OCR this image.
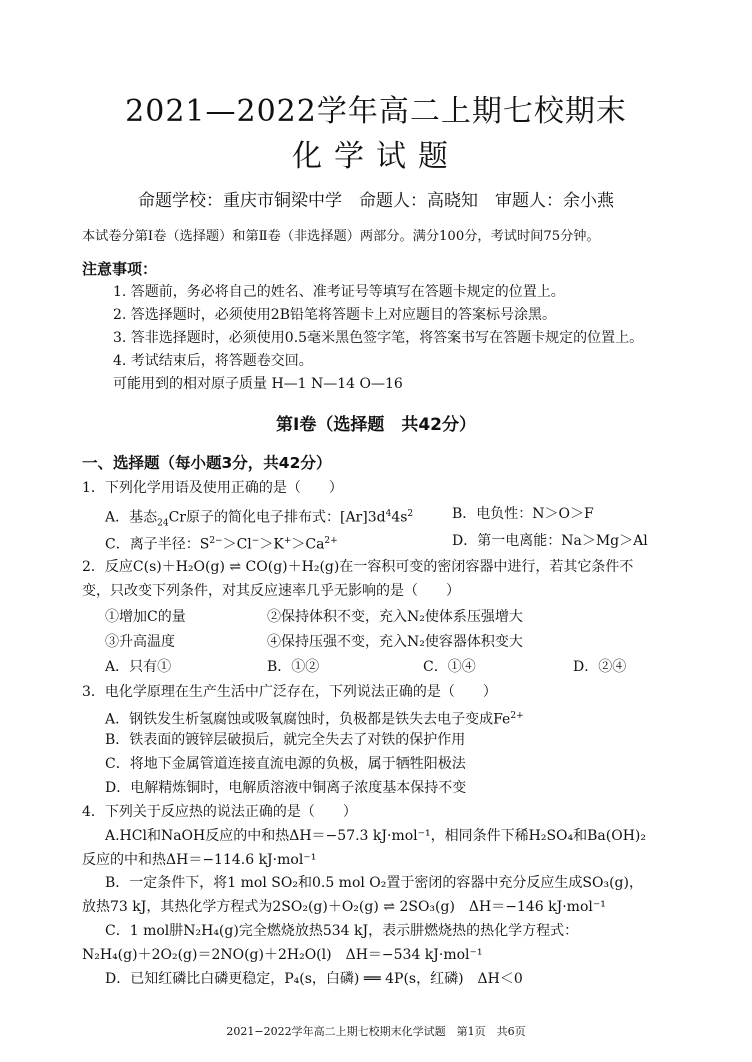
2021—2022学年高二上期七校期末
化学试题
命题学校：重庆市铜梁中学　命题人：高晓知　审题人：余小燕
本试卷分第Ⅰ卷（选择题）和第Ⅱ卷（非选择题）两部分。满分100分，考试时间75分钟。
注意事项：
1. 答题前，务必将自己的姓名、准考证号等填写在答题卡规定的位置上。
2. 答选择题时，必须使用2B铅笔将答题卡上对应题目的答案标号涂黑。
3. 答非选择题时，必须使用0.5毫米黑色签字笔，将答案书写在答题卡规定的位置上。
4. 考试结束后，将答题卷交回。
可能用到的相对原子质量 H—1 N—14 O—16
第Ⅰ卷（选择题　共42分）
一、选择题（每小题3分，共42分）
1．下列化学用语及使用正确的是（　　）
A．基态$_{24}$Cr原子的简化电子排布式：$[Ar]3d^44s^2$	B．电负性：N＞O＞F
C．离子半径：$S^{2-}>Cl^->K^+>Ca^{2+}$	D．第一电离能：Na＞Mg＞Al
2．反应C(s)＋H₂O(g) ⇌ CO(g)＋H₂(g)在一容积可变的密闭容器中进行，若其它条件不
变，只改变下列条件，对其反应速率几乎无影响的是（　　）
①增加C的量	②保持体积不变，充入N₂使体系压强增大
③升高温度	④保持压强不变，充入N₂使容器体积变大
A．只有①	B．①②	C．①④	D．②④
3．电化学原理在生产生活中广泛存在，下列说法正确的是（　　）
A．钢铁发生析氢腐蚀或吸氧腐蚀时，负极都是铁失去电子变成$Fe^{2+}$
B．铁表面的镀锌层破损后，就完全失去了对铁的保护作用
C．将地下金属管道连接直流电源的负极，属于牺牲阳极法
D．电解精炼铜时，电解质溶液中铜离子浓度基本保持不变
4．下列关于反应热的说法正确的是（　　）
A.HCl和NaOH反应的中和热ΔH＝−57.3 kJ·mol⁻¹，相同条件下稀H₂SO₄和Ba(OH)₂
反应的中和热ΔH＝−114.6 kJ·mol⁻¹
B．一定条件下，将1 mol SO₂和0.5 mol O₂置于密闭的容器中充分反应生成SO₃(g)，
放热73 kJ，其热化学方程式为2SO₂(g)＋O₂(g) ⇌ 2SO₃(g)　ΔH＝−146 kJ·mol⁻¹
C．1 mol肼N₂H₄(g)完全燃烧放热534 kJ，表示肼燃烧热的热化学方程式：
N₂H₄(g)＋2O₂(g)＝2NO(g)＋2H₂O(l)　ΔH＝−534 kJ·mol⁻¹
D．已知红磷比白磷更稳定，P₄(s，白磷) ══ 4P(s，红磷)　ΔH＜0
2021−2022学年高二上期七校期末化学试题　第1页　共6页
